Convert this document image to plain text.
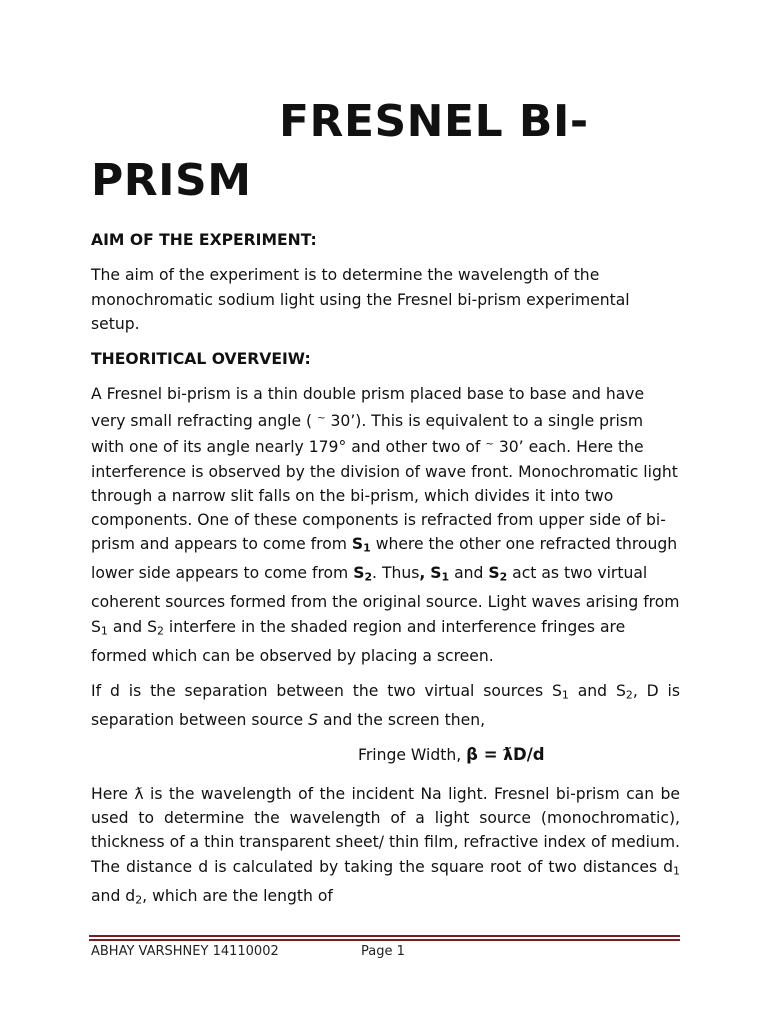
FRESNEL BI-PRISM

AIM OF THE EXPERIMENT:

The aim of the experiment is to determine the wavelength of the monochromatic sodium light using the Fresnel bi-prism experimental setup.

THEORITICAL OVERVEIW:

A Fresnel bi-prism is a thin double prism placed base to base and have very small refracting angle ( ~ 30’). This is equivalent to a single prism with one of its angle nearly 179° and other two of ~ 30’ each. Here the interference is observed by the division of wave front. Monochromatic light through a narrow slit falls on the bi-prism, which divides it into two components. One of these components is refracted from upper side of bi-prism and appears to come from $S_1$ where the other one refracted through lower side appears to come from $S_2$. Thus, $S_1$ and $S_2$ act as two virtual coherent sources formed from the original source. Light waves arising from $S_1$ and $S_2$ interfere in the shaded region and interference fringes are formed which can be observed by placing a screen.

If d is the separation between the two virtual sources $S_1$ and $S_2$, D is separation between source S and the screen then,

Fringe Width, β = ƛD/d

Here ƛ is the wavelength of the incident Na light. Fresnel bi-prism can be used to determine the wavelength of a light source (monochromatic), thickness of a thin transparent sheet/ thin film, refractive index of medium. The distance d is calculated by taking the square root of two distances $d_1$ and $d_2$, which are the length of

ABHAY VARSHNEY 14110002	Page 1
